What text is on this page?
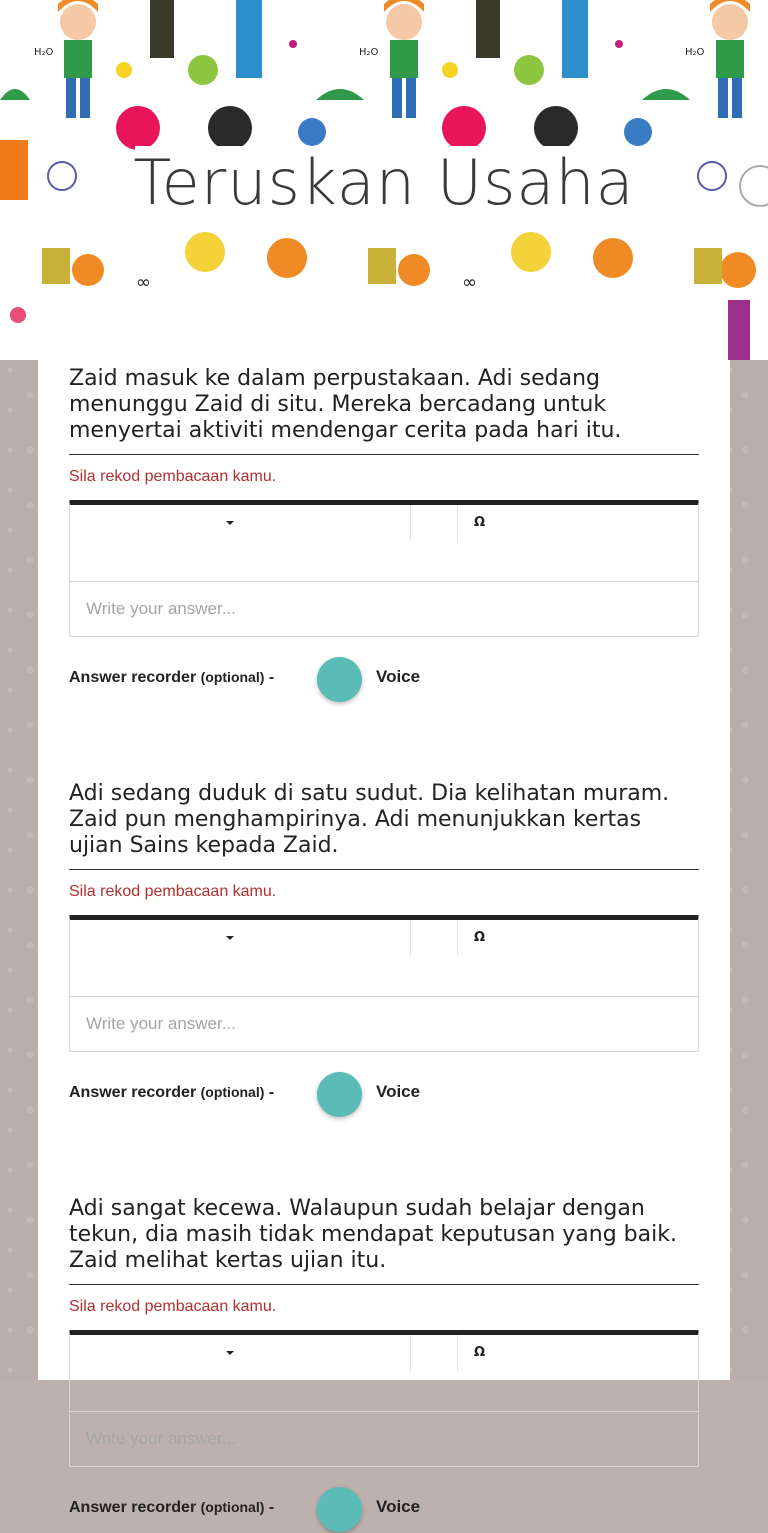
H₂O	H₂O	H₂O
∞	∞
Teruskan Usaha

Zaid masuk ke dalam perpustakaan. Adi sedang menunggu Zaid di situ. Mereka bercadang untuk menyertai aktiviti mendengar cerita pada hari itu.

Sila rekod pembacaan kamu.
Ω
Write your answer...
Answer recorder (optional) -	Voice

Adi sedang duduk di satu sudut. Dia kelihatan muram. Zaid pun menghampirinya. Adi menunjukkan kertas ujian Sains kepada Zaid.

Sila rekod pembacaan kamu.
Ω
Write your answer...
Answer recorder (optional) -	Voice

Adi sangat kecewa. Walaupun sudah belajar dengan tekun, dia masih tidak mendapat keputusan yang baik. Zaid melihat kertas ujian itu.

Sila rekod pembacaan kamu.
Ω
Write your answer...
Answer recorder (optional) -	Voice
